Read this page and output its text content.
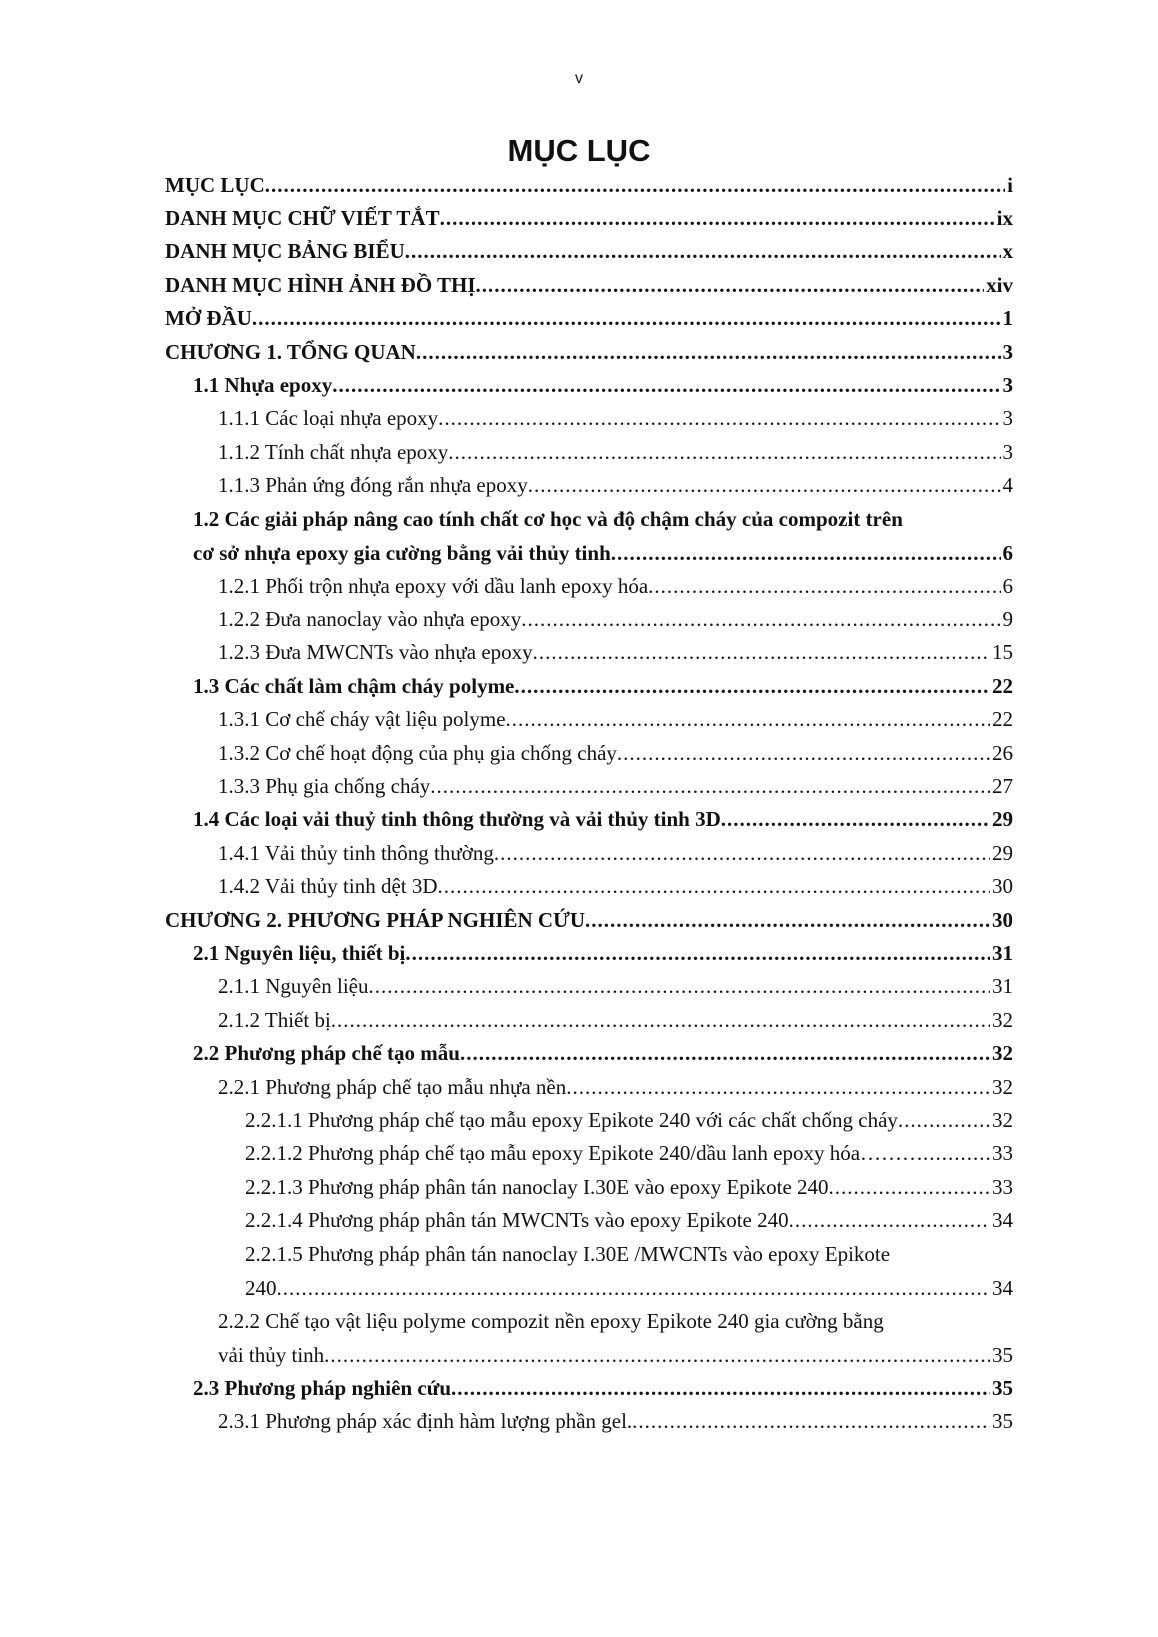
v
MỤC LỤC
MỤC LỤC .....	i
DANH MỤC CHỮ VIẾT TẮT .....	ix
DANH MỤC BẢNG BIỂU .....	x
DANH MỤC HÌNH ẢNH ĐỒ THỊ .....	xiv
MỞ ĐẦU .....	1
CHƯƠNG 1. TỔNG QUAN .....	3
1.1 Nhựa epoxy .....	3
1.1.1 Các loại nhựa epoxy .....	3
1.1.2 Tính chất nhựa epoxy .....	3
1.1.3 Phản ứng đóng rắn nhựa epoxy .....	4
1.2 Các giải pháp nâng cao tính chất cơ học và độ chậm cháy của compozit trên
cơ sở nhựa epoxy gia cường bằng vải thủy tinh .....	6
1.2.1 Phối trộn nhựa epoxy với dầu lanh epoxy hóa .....	6
1.2.2 Đưa nanoclay vào nhựa epoxy .....	9
1.2.3 Đưa MWCNTs vào nhựa epoxy .....	15
1.3 Các chất làm chậm cháy polyme .....	22
1.3.1 Cơ chế cháy vật liệu polyme .....	22
1.3.2 Cơ chế hoạt động của phụ gia chống cháy .....	26
1.3.3 Phụ gia chống cháy .....	27
1.4 Các loại vải thuỷ tinh thông thường và vải thủy tinh 3D .....	29
1.4.1 Vải thủy tinh thông thường .....	29
1.4.2 Vải thủy tinh dệt 3D .....	30
CHƯƠNG 2. PHƯƠNG PHÁP NGHIÊN CỨU .....	30
2.1 Nguyên liệu, thiết bị .....	31
2.1.1 Nguyên liệu .....	31
2.1.2 Thiết bị .....	32
2.2 Phương pháp chế tạo mẫu .....	32
2.2.1 Phương pháp chế tạo mẫu nhựa nền .....	32
2.2.1.1 Phương pháp chế tạo mẫu epoxy Epikote 240 với các chất chống cháy .....	32
2.2.1.2 Phương pháp chế tạo mẫu epoxy Epikote 240/dầu lanh epoxy hóa……… .....	33
2.2.1.3 Phương pháp phân tán nanoclay I.30E vào epoxy Epikote 240 .....	33
2.2.1.4 Phương pháp phân tán MWCNTs vào epoxy Epikote 240 .....	34
2.2.1.5 Phương pháp phân tán nanoclay I.30E /MWCNTs vào epoxy Epikote
240 .....	34
2.2.2 Chế tạo vật liệu polyme compozit nền epoxy Epikote 240 gia cường bằng
vải thủy tinh .....	35
2.3 Phương pháp nghiên cứu .....	35
2.3.1 Phương pháp xác định hàm lượng phần gel. .....	35
